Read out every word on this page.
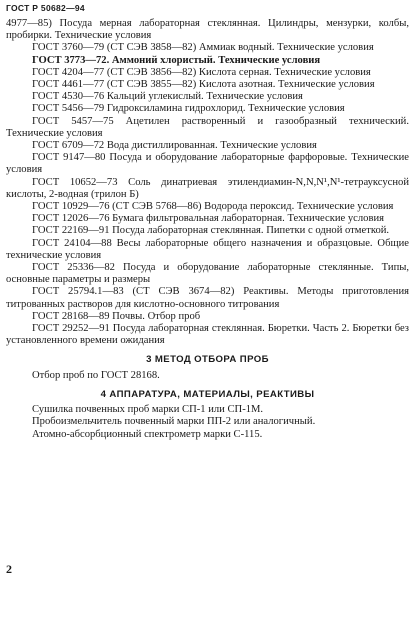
ГОСТ Р 50682—94
4977—85) Посуда мерная лабораторная стеклянная. Цилиндры, мензурки, колбы, пробирки. Технические условия
ГОСТ 3760—79 (СТ СЭВ 3858—82) Аммиак водный. Технические условия
ГОСТ 3773—72. Аммоний хлористый. Технические условия
ГОСТ 4204—77 (СТ СЭВ 3856—82) Кислота серная. Технические условия
ГОСТ 4461—77 (СТ СЭВ 3855—82) Кислота азотная. Технические условия
ГОСТ 4530—76 Кальций углекислый. Технические условия
ГОСТ 5456—79 Гидроксиламина гидрохлорид. Технические условия
ГОСТ 5457—75 Ацетилен растворенный и газообразный технический. Технические условия
ГОСТ 6709—72 Вода дистиллированная. Технические условия
ГОСТ 9147—80 Посуда и оборудование лабораторные фарфоровые. Технические условия
ГОСТ 10652—73 Соль динатриевая этилендиамин-N,N,N¹,N¹-тетрауксусной кислоты, 2-водная (трилон Б)
ГОСТ 10929—76 (СТ СЭВ 5768—86) Водорода пероксид. Технические условия
ГОСТ 12026—76 Бумага фильтровальная лабораторная. Технические условия
ГОСТ 22169—91 Посуда лабораторная стеклянная. Пипетки с одной отметкой.
ГОСТ 24104—88 Весы лабораторные общего назначения и образцовые. Общие технические условия
ГОСТ 25336—82 Посуда и оборудование лабораторные стеклянные. Типы, основные параметры и размеры
ГОСТ 25794.1—83 (СТ СЭВ 3674—82) Реактивы. Методы приготовления титрованных растворов для кислотно-основного титрования
ГОСТ 28168—89 Почвы. Отбор проб
ГОСТ 29252—91 Посуда лабораторная стеклянная. Бюретки. Часть 2. Бюретки без установленного времени ожидания
3 МЕТОД ОТБОРА ПРОБ
Отбор проб по ГОСТ 28168.
4 АППАРАТУРА, МАТЕРИАЛЫ, РЕАКТИВЫ
Сушилка почвенных проб марки СП-1 или СП-1М.
Пробоизмельчитель почвенный марки ПП-2 или аналогичный.
Атомно-абсорбционный спектрометр марки С-115.
2
